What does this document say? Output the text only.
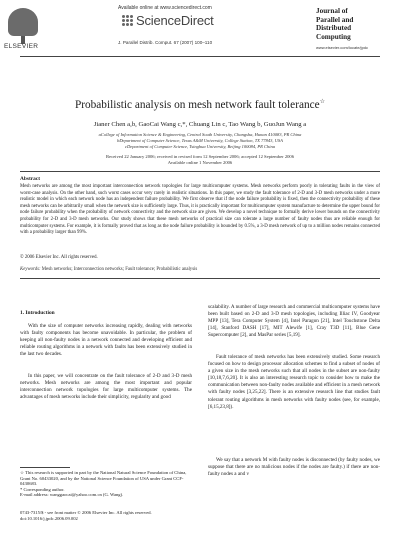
ELSEVIER
Available online at www.sciencedirect.com
ScienceDirect
J. Parallel Distrib. Comput. 67 (2007) 100–110
Journal of
Parallel and
Distributed
Computing
www.elsevier.com/locate/jpdc
Probabilistic analysis on mesh network fault tolerance☆
Jianer Chen a,b, GaoCai Wang c,*, Chuang Lin c, Tao Wang b, GuoJun Wang a
aCollege of Information Science & Engineering, Central South University, Changsha, Hunan 410083, PR China
bDepartment of Computer Science, Texas A&M University, College Station, TX 77843, USA
cDepartment of Computer Science, Tsinghua University, Beijing 100084, PR China
Received 22 January 2006; received in revised form 12 September 2006; accepted 12 September 2006
Available online 1 November 2006
Abstract
Mesh networks are among the most important interconnection network topologies for large multicomputer systems. Mesh networks perform poorly in tolerating faults in the view of worst-case analysis. On the other hand, such worst cases occur very rarely in realistic situations. In this paper, we study the fault tolerance of 2-D and 3-D mesh networks under a more realistic model in which each network node has an independent failure probability. We first observe that if the node failure probability is fixed, then the connectivity probability of these mesh networks can be arbitrarily small when the network size is sufficiently large. Thus, it is practically important for multicomputer system manufacture to determine the upper bound for node failure probability when the probability of network connectivity and the network size are given. We develop a novel technique to formally derive lower bounds on the connectivity probability for 2-D and 3-D mesh networks. Our study shows that these mesh networks of practical size can tolerate a large number of faulty nodes thus are reliable enough for multicomputer systems. For example, it is formally proved that as long as the node failure probability is bounded by 0.5%, a 3-D mesh network of up to a million nodes remains connected with a probability larger than 99%.
© 2006 Elsevier Inc. All rights reserved.
Keywords: Mesh networks; Interconnection networks; Fault tolerance; Probabilistic analysis
1. Introduction
With the size of computer networks increasing rapidly, dealing with networks with faulty components has become unavoidable. In particular, the problem of keeping all non-faulty nodes in a network connected and developing efficient and reliable routing algorithms in a network with faults has been extensively studied in the last two decades.
In this paper, we will concentrate on the fault tolerance of 2-D and 3-D mesh networks. Mesh networks are among the most important and popular interconnection network topologies for large multicomputer systems. The advantages of mesh networks include their simplicity, regularity and good
scalability. A number of large research and commercial multicomputer systems have been built based on 2-D and 3-D mesh topologies, including Illiac IV, Goodyear MPP [13], Tera Computer System [4], Intel Paragon [21], Intel Touchstone Delta [14], Stanford DASH [17], MIT Alewife [1], Cray T3D [11], Blue Gene Supercomputer [2], and MasPar series [5,19].
Fault tolerance of mesh networks has been extensively studied. Some research focused on how to design processor allocation schemes to find a subset of nodes of a given size in the mesh networks such that all nodes in the subset are non-faulty [10,18,7,6,20]. It is also an interesting research topic to consider how to make the communication between non-faulty nodes available and efficient in a mesh network with faulty nodes [3,25,22]. There is an extensive research line that studies fault tolerant routing algorithms in mesh networks with faulty nodes (see, for example, [6,15,23,8]).
We say that a network M with faulty nodes is disconnected (by faulty nodes, we suppose that there are no malicious nodes if the nodes are faulty.) if there are non-faulty nodes a and v
☆ This research is supported in part by the National Natural Science Foundation of China, Grant No. 60433020, and by the National Science Foundation of USA under Grant CCF-0430683.
* Corresponding author.
E-mail address: wanggaocai@yahoo.com.cn (G. Wang).
0743-7315/$ - see front matter © 2006 Elsevier Inc. All rights reserved.
doi:10.1016/j.jpdc.2006.09.002
